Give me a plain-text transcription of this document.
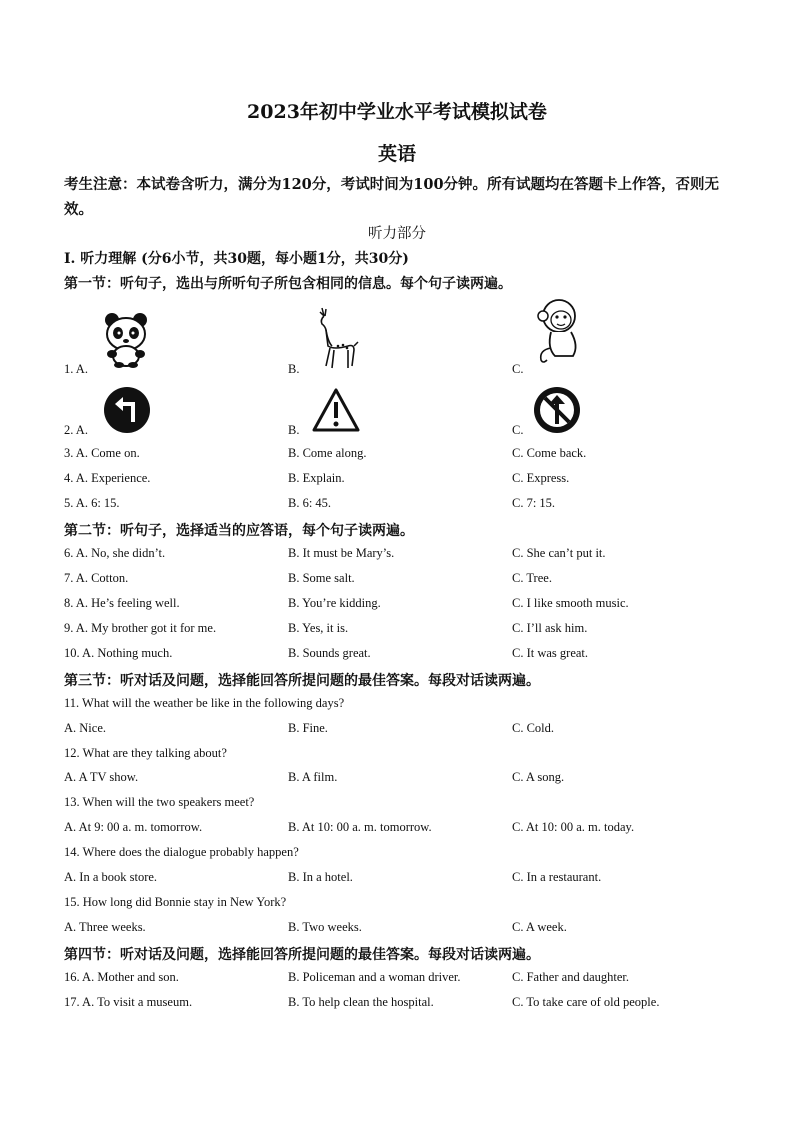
2023年初中学业水平考试模拟试卷
英语
考生注意：本试卷含听力，满分为120分，考试时间为100分钟。所有试题均在答题卡上作答，否则无效。
听力部分
I. 听力理解 (分6小节，共30题，每小题1分，共30分)
第一节：听句子，选出与所听句子所包含相同的信息。每个句子读两遍。
1. A.	B.	C.
2. A.	B.	C.
3. A. Come on.	B. Come along.	C. Come back.
4. A. Experience.	B. Explain.	C. Express.
5. A. 6: 15.	B. 6: 45.	C. 7: 15.
第二节：听句子，选择适当的应答语，每个句子读两遍。
6. A. No, she didn’t.	B. It must be Mary’s.	C. She can’t put it.
7. A. Cotton.	B. Some salt.	C. Tree.
8. A. He’s feeling well.	B. You’re kidding.	C. I like smooth music.
9. A. My brother got it for me.	B. Yes, it is.	C. I’ll ask him.
10. A. Nothing much.	B. Sounds great.	C. It was great.
第三节：听对话及问题，选择能回答所提问题的最佳答案。每段对话读两遍。
11. What will the weather be like in the following days?
A. Nice.	B. Fine.	C. Cold.
12. What are they talking about?
A. A TV show.	B. A film.	C. A song.
13. When will the two speakers meet?
A. At 9: 00 a. m. tomorrow.	B. At 10: 00 a. m. tomorrow.	C. At 10: 00 a. m. today.
14. Where does the dialogue probably happen?
A. In a book store.	B. In a hotel.	C. In a restaurant.
15. How long did Bonnie stay in New York?
A. Three weeks.	B. Two weeks.	C. A week.
第四节：听对话及问题，选择能回答所提问题的最佳答案。每段对话读两遍。
16. A. Mother and son.	B. Policeman and a woman driver.	C. Father and daughter.
17. A. To visit a museum.	B. To help clean the hospital.	C. To take care of old people.
